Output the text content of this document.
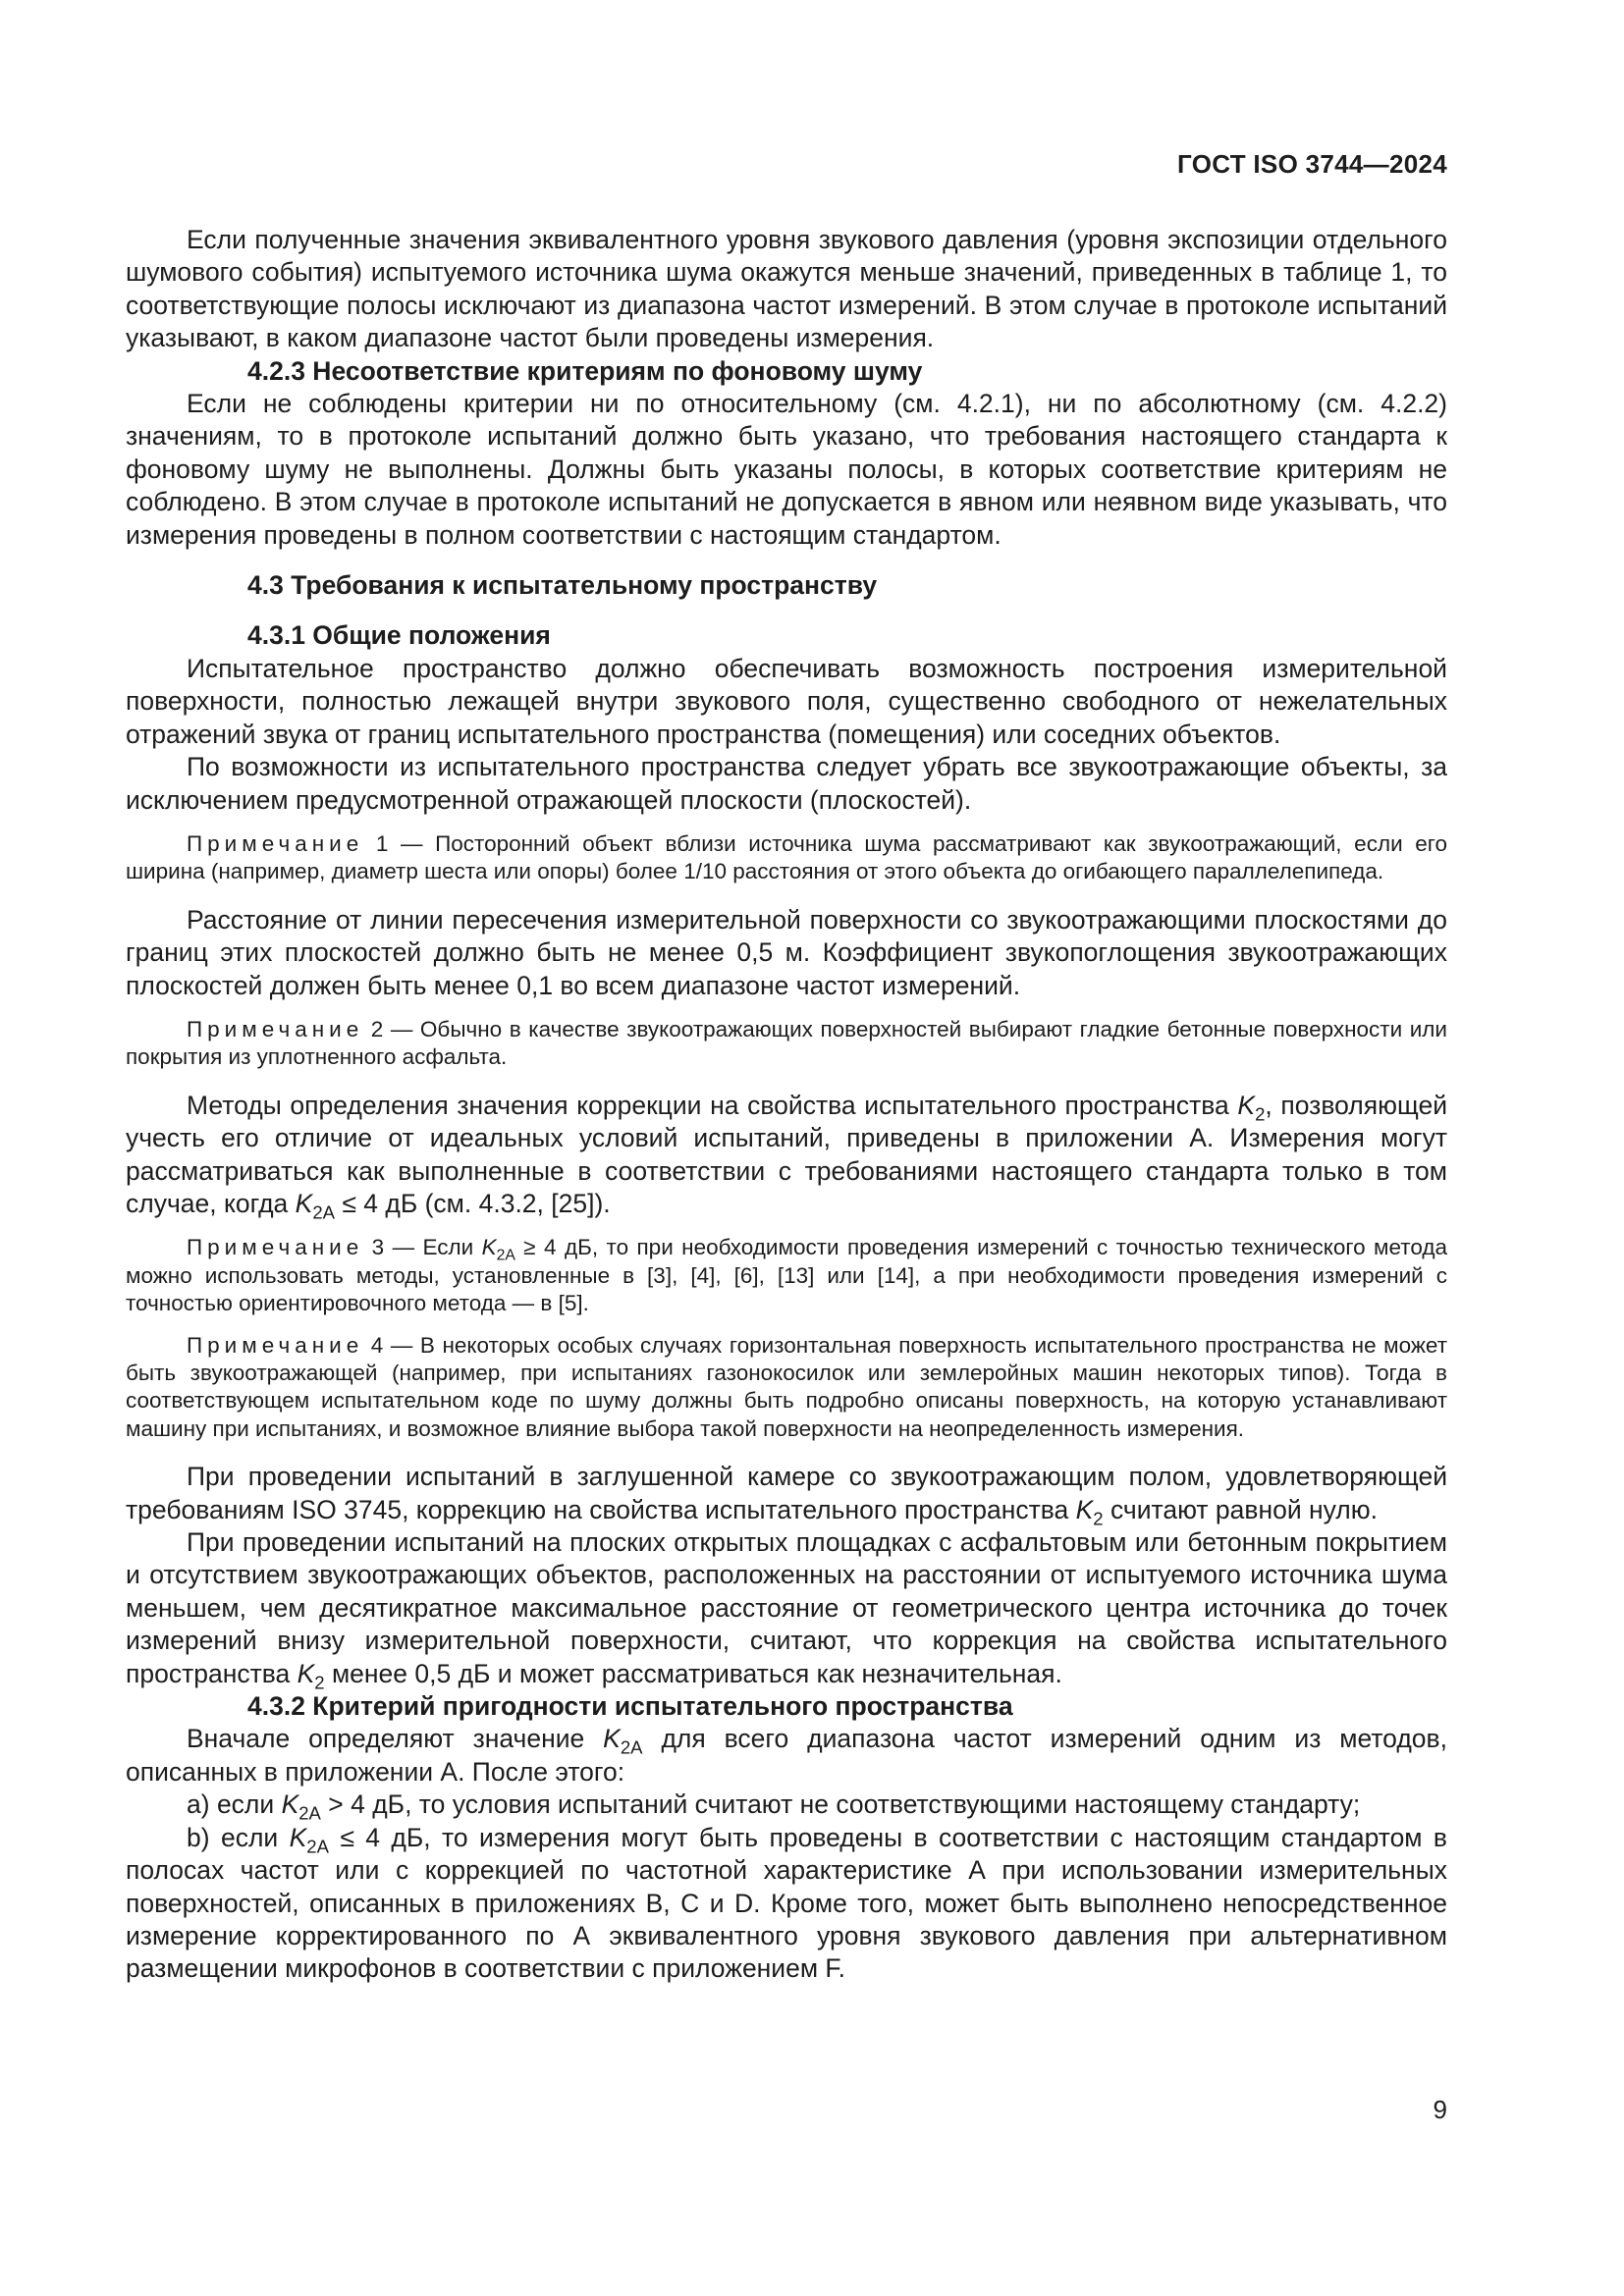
ГОСТ ISO 3744—2024

Если полученные значения эквивалентного уровня звукового давления (уровня экспозиции отдельного шумового события) испытуемого источника шума окажутся меньше значений, приведенных в таблице 1, то соответствующие полосы исключают из диапазона частот измерений. В этом случае в протоколе испытаний указывают, в каком диапазоне частот были проведены измерения.

4.2.3 Несоответствие критериям по фоновому шуму

Если не соблюдены критерии ни по относительному (см. 4.2.1), ни по абсолютному (см. 4.2.2) значениям, то в протоколе испытаний должно быть указано, что требования настоящего стандарта к фоновому шуму не выполнены. Должны быть указаны полосы, в которых соответствие критериям не соблюдено. В этом случае в протоколе испытаний не допускается в явном или неявном виде указывать, что измерения проведены в полном соответствии с настоящим стандартом.

4.3 Требования к испытательному пространству

4.3.1 Общие положения

Испытательное пространство должно обеспечивать возможность построения измерительной поверхности, полностью лежащей внутри звукового поля, существенно свободного от нежелательных отражений звука от границ испытательного пространства (помещения) или соседних объектов.

По возможности из испытательного пространства следует убрать все звукоотражающие объекты, за исключением предусмотренной отражающей плоскости (плоскостей).

Примечание 1 — Посторонний объект вблизи источника шума рассматривают как звукоотражающий, если его ширина (например, диаметр шеста или опоры) более 1/10 расстояния от этого объекта до огибающего параллелепипеда.

Расстояние от линии пересечения измерительной поверхности со звукоотражающими плоскостями до границ этих плоскостей должно быть не менее 0,5 м. Коэффициент звукопоглощения звукоотражающих плоскостей должен быть менее 0,1 во всем диапазоне частот измерений.

Примечание 2 — Обычно в качестве звукоотражающих поверхностей выбирают гладкие бетонные поверхности или покрытия из уплотненного асфальта.

Методы определения значения коррекции на свойства испытательного пространства $K_2$, позволяющей учесть его отличие от идеальных условий испытаний, приведены в приложении А. Измерения могут рассматриваться как выполненные в соответствии с требованиями настоящего стандарта только в том случае, когда $K_{2A} \le 4$ дБ (см. 4.3.2, [25]).

Примечание 3 — Если $K_{2A} \ge 4$ дБ, то при необходимости проведения измерений с точностью технического метода можно использовать методы, установленные в [3], [4], [6], [13] или [14], а при необходимости проведения измерений с точностью ориентировочного метода — в [5].

Примечание 4 — В некоторых особых случаях горизонтальная поверхность испытательного пространства не может быть звукоотражающей (например, при испытаниях газонокосилок или землеройных машин некоторых типов). Тогда в соответствующем испытательном коде по шуму должны быть подробно описаны поверхность, на которую устанавливают машину при испытаниях, и возможное влияние выбора такой поверхности на неопределенность измерения.

При проведении испытаний в заглушенной камере со звукоотражающим полом, удовлетворяющей требованиям ISO 3745, коррекцию на свойства испытательного пространства $K_2$ считают равной нулю.

При проведении испытаний на плоских открытых площадках с асфальтовым или бетонным покрытием и отсутствием звукоотражающих объектов, расположенных на расстоянии от испытуемого источника шума меньшем, чем десятикратное максимальное расстояние от геометрического центра источника до точек измерений внизу измерительной поверхности, считают, что коррекция на свойства испытательного пространства $K_2$ менее 0,5 дБ и может рассматриваться как незначительная.

4.3.2 Критерий пригодности испытательного пространства

Вначале определяют значение $K_{2A}$ для всего диапазона частот измерений одним из методов, описанных в приложении А. После этого:

a) если $K_{2A} > 4$ дБ, то условия испытаний считают не соответствующими настоящему стандарту;

b) если $K_{2A} \le 4$ дБ, то измерения могут быть проведены в соответствии с настоящим стандартом в полосах частот или с коррекцией по частотной характеристике А при использовании измерительных поверхностей, описанных в приложениях В, С и D. Кроме того, может быть выполнено непосредственное измерение корректированного по А эквивалентного уровня звукового давления при альтернативном размещении микрофонов в соответствии с приложением F.

9
